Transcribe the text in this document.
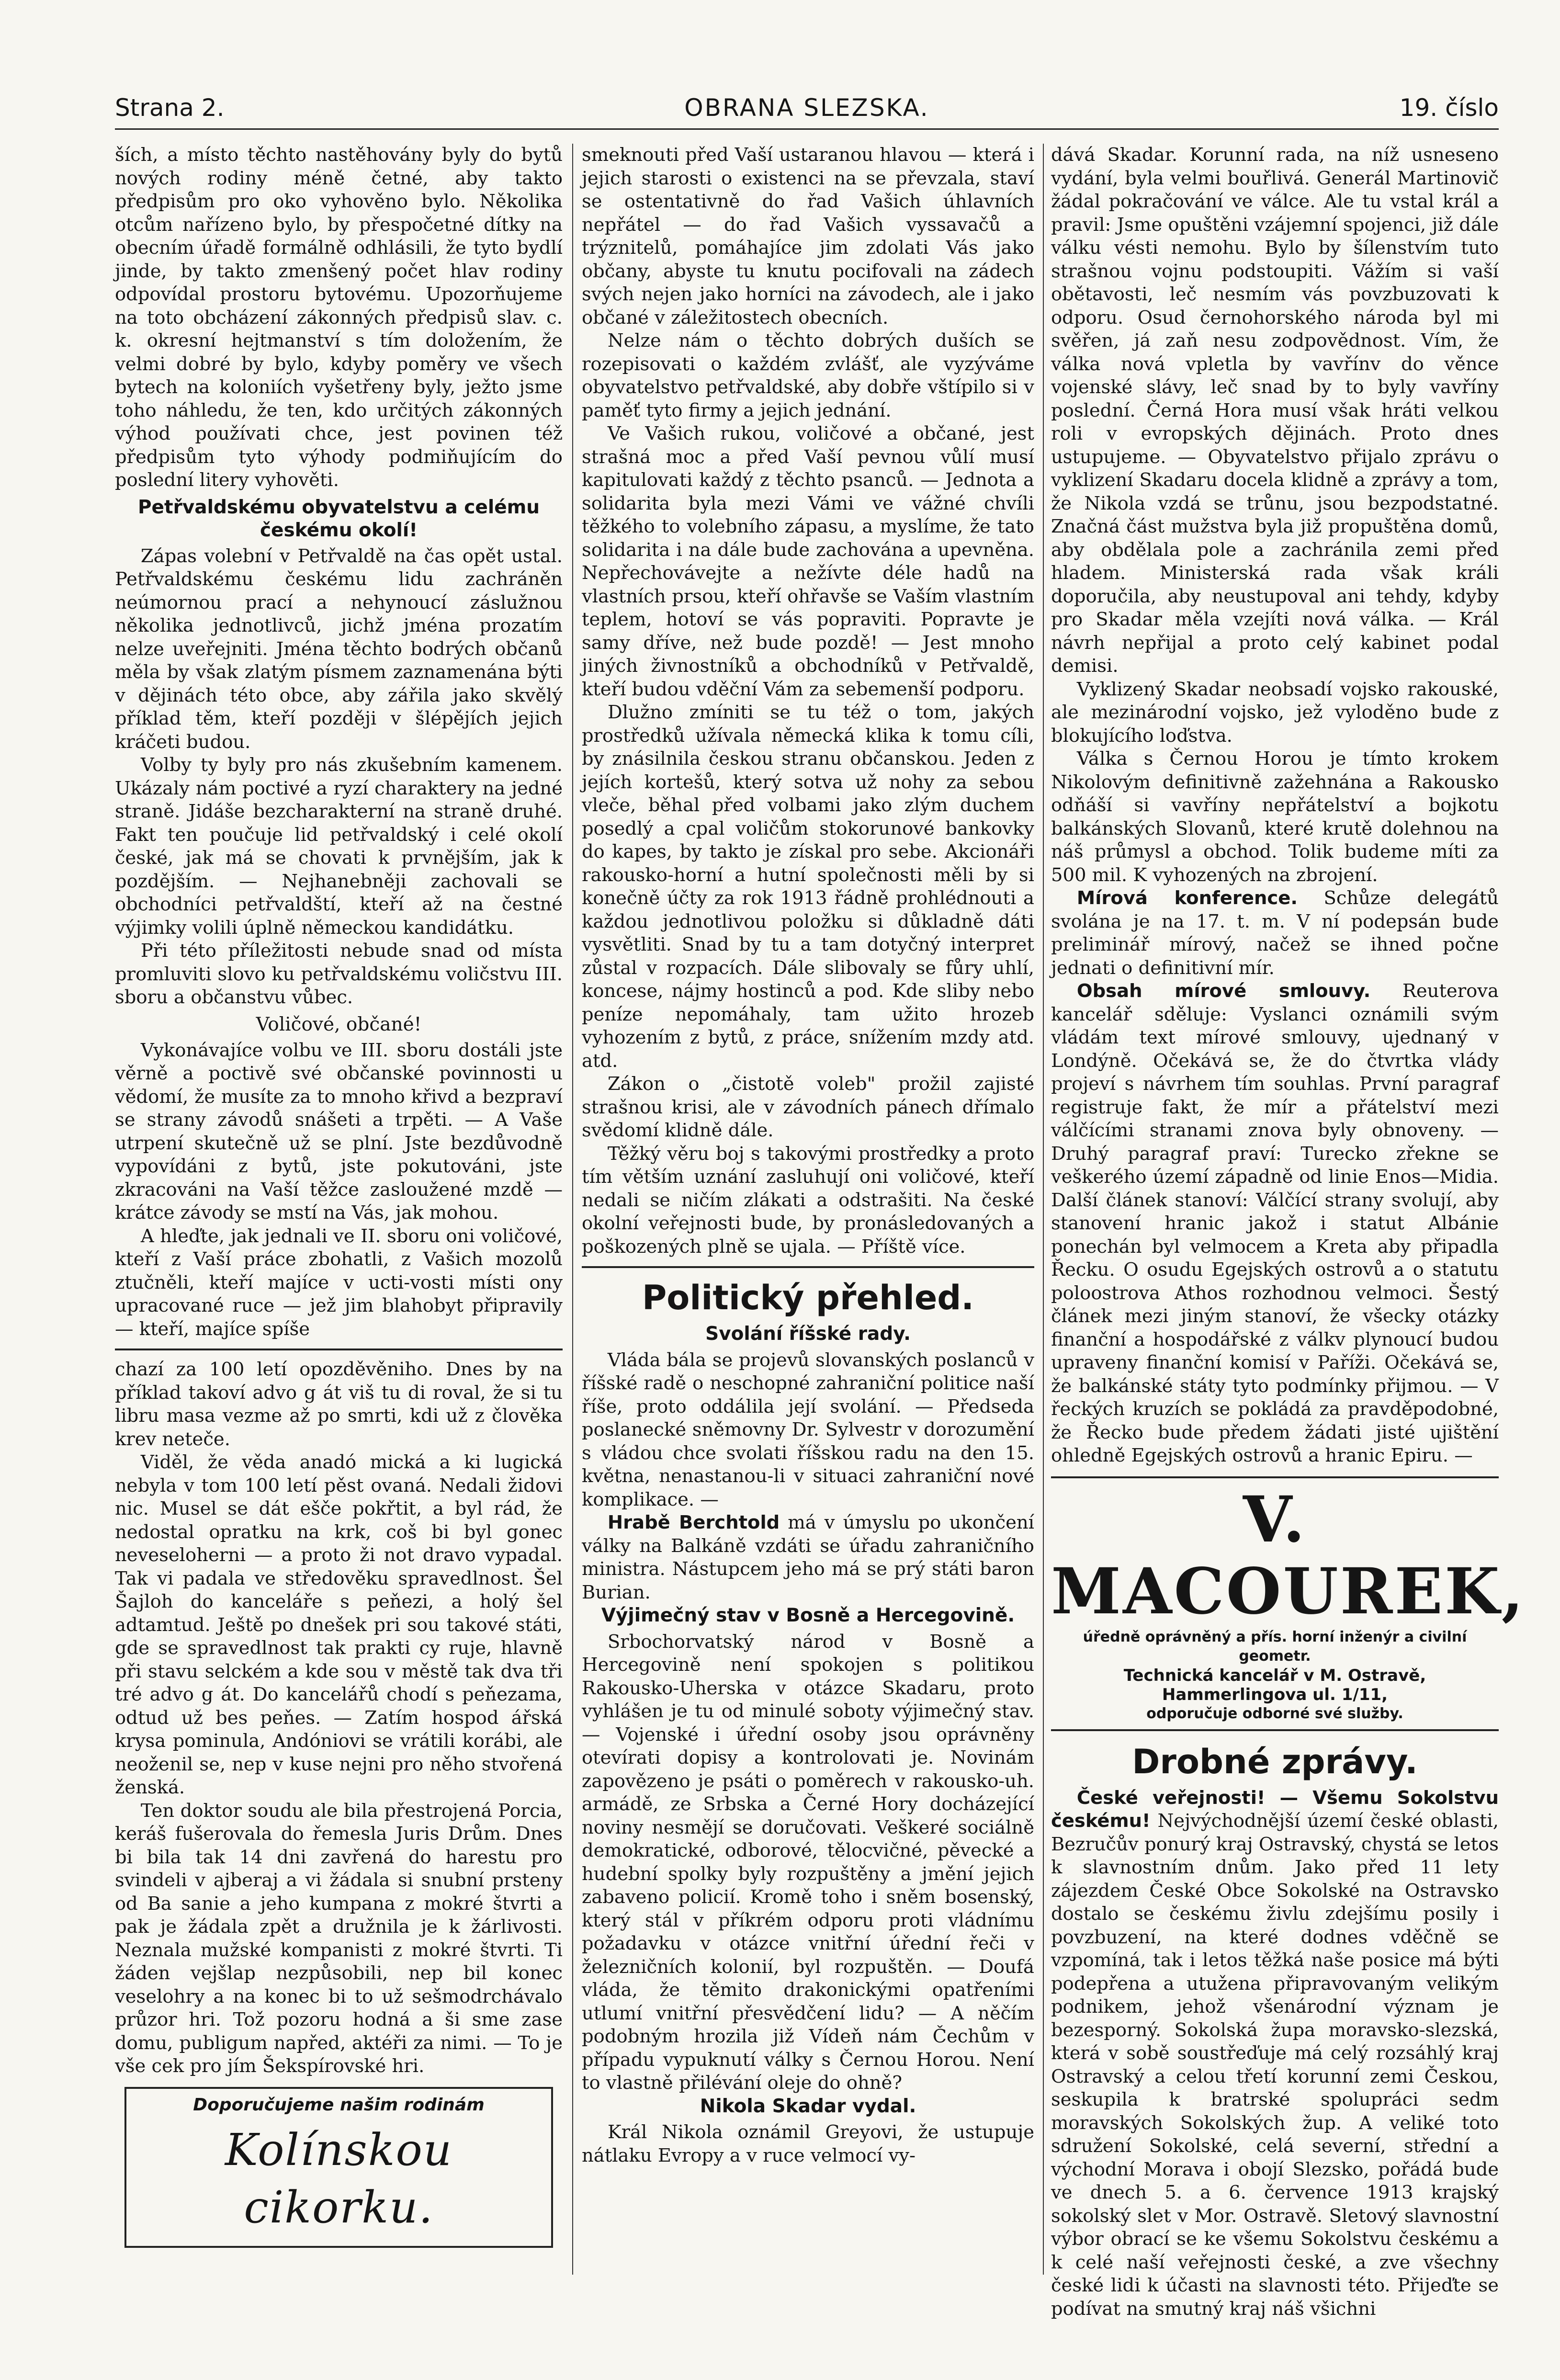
OBRANA SLEZSKA.
Strana 2.	19. číslo

ších, a místo těchto nastěhovány byly do bytů nových rodiny méně četné, aby takto předpisům pro oko vyhověno bylo. Několika otcům nařízeno bylo, by přespočetné dítky na obecním úřadě formálně odhlásili, že tyto bydlí jinde, by takto zmenšený počet hlav rodiny odpovídal prostoru bytovému. Upozorňujeme na toto obcházení zákonných předpisů slav. c. k. okresní hejtmanství s tím doložením, že velmi dobré by bylo, kdyby poměry ve všech bytech na koloniích vyšetřeny byly, ježto jsme toho náhledu, že ten, kdo určitých zákonných výhod používati chce, jest povinen též předpisům tyto výhody podmiňujícím do poslední litery vyhověti.

Petřvaldskému obyvatelstvu a celému českému okolí!

Zápas volební v Petřvaldě na čas opět ustal. Petřvaldskému českému lidu zachráněn neúmornou prací a nehynoucí záslužnou několika jednotlivců, jichž jména prozatím nelze uveřejniti. Jména těchto bodrých občanů měla by však zlatým písmem zaznamenána býti v dějinách této obce, aby zářila jako skvělý příklad těm, kteří později v šlépějích jejich kráčeti budou.

Volby ty byly pro nás zkušebním kamenem. Ukázaly nám poctivé a ryzí charaktery na jedné straně. Jidáše bezcharakterní na straně druhé. Fakt ten poučuje lid petřvaldský i celé okolí české, jak má se chovati k prvnějším, jak k pozdějším. — Nejhanebněji zachovali se obchodníci petřvaldští, kteří až na čestné výjimky volili úplně německou kandidátku.

Při této příležitosti nebude snad od místa promluviti slovo ku petřvaldskému voličstvu III. sboru a občanstvu vůbec.

Voličové, občané!

Vykonávajíce volbu ve III. sboru dostáli jste věrně a poctivě své občanské povinnosti u vědomí, že musíte za to mnoho křivd a bezpraví se strany závodů snášeti a trpěti. — A Vaše utrpení skutečně už se plní. Jste bezdůvodně vypovídáni z bytů, jste pokutováni, jste zkracováni na Vaší těžce zasloužené mzdě — krátce závody se mstí na Vás, jak mohou.

A hleďte, jak jednali ve II. sboru oni voličové, kteří z Vaší práce zbohatli, z Vašich mozolů ztučněli, kteří majíce v ucti-vosti místi ony upracované ruce — jež jim blahobyt připravily — kteří, majíce spíše

chazí za 100 letí opozděvěniho. Dnes by na příklad takoví advo g át viš tu di roval, že si tu libru masa vezme až po smrti, kdi už z člověka krev neteče.

Viděl, že věda anadó mická a ki lugická nebyla v tom 100 letí pěst ovaná. Nedali židovi nic. Musel se dát ešče pokřtit, a byl rád, že nedostal opratku na krk, coš bi byl gonec neveseloherni — a proto ži not dravo vypadal. Tak vi padala ve středověku spravedlnost. Šel Šajloh do kanceláře s peňezi, a holý šel adtamtud. Ještě po dnešek pri sou takové státi, gde se spravedlnost tak prakti cy ruje, hlavně při stavu selckém a kde sou v městě tak dva tři tré advo g át. Do kancelářů chodí s peňezama, odtud už bes peňes. — Zatím hospod ářská krysa pominula, Andóniovi se vrátili korábi, ale neoženil se, nep v kuse nejni pro něho stvořená ženská.

Ten doktor soudu ale bila přestrojená Porcia, keráš fušerovala do řemesla Juris Drům. Dnes bi bila tak 14 dni zavřená do harestu pro svindeli v ajberaj a vi žádala si snubní prsteny od Ba sanie a jeho kumpana z mokré štvrti a pak je žádala zpět a družnila je k žárlivosti. Neznala mužské kompanisti z mokré štvrti. Ti žáden vejšlap nezpůsobili, nep bil konec veselohry a na konec bi to už sešmodrchávalo průzor hri. Tož pozoru hodná a ši sme zase domu, publigum napřed, aktéři za nimi. — To je vše cek pro jím Šekspírovské hri.

Doporučujeme našim rodinám
Kolínskou cikorku.

smeknouti před Vaší ustaranou hlavou — která i jejich starosti o existenci na se převzala, staví se ostentativně do řad Vašich úhlavních nepřátel — do řad Vašich vyssavačů a trýznitelů, pomáhajíce jim zdolati Vás jako občany, abyste tu knutu pocifovali na zádech svých nejen jako horníci na závodech, ale i jako občané v záležitostech obecních.

Nelze nám o těchto dobrých duších se rozepisovati o každém zvlášť, ale vyzýváme obyvatelstvo petřvaldské, aby dobře vštípilo si v paměť tyto firmy a jejich jednání.

Ve Vašich rukou, voličové a občané, jest strašná moc a před Vaší pevnou vůlí musí kapitulovati každý z těchto psanců. — Jednota a solidarita byla mezi Vámi ve vážné chvíli těžkého to volebního zápasu, a myslíme, že tato solidarita i na dále bude zachována a upevněna. Nepřechovávejte a nežívte déle hadů na vlastních prsou, kteří ohřavše se Vaším vlastním teplem, hotoví se vás popraviti. Popravte je samy dříve, než bude pozdě! — Jest mnoho jiných živnostníků a obchodníků v Petřvaldě, kteří budou vděční Vám za sebemenší podporu.

Dlužno zmíniti se tu též o tom, jakých prostředků užívala německá klika k tomu cíli, by znásilnila českou stranu občanskou. Jeden z jejích kortešů, který sotva už nohy za sebou vleče, běhal před volbami jako zlým duchem posedlý a cpal voličům stokorunové bankovky do kapes, by takto je získal pro sebe. Akcionáři rakousko-horní a hutní společnosti měli by si konečně účty za rok 1913 řádně prohlédnouti a každou jednotlivou položku si důkladně dáti vysvětliti. Snad by tu a tam dotyčný interpret zůstal v rozpacích. Dále slibovaly se fůry uhlí, koncese, nájmy hostinců a pod. Kde sliby nebo peníze nepomáhaly, tam užito hrozeb vyhozením z bytů, z práce, snížením mzdy atd. atd.

Zákon o „čistotě voleb" prožil zajisté strašnou krisi, ale v závodních pánech dřímalo svědomí klidně dále.

Těžký věru boj s takovými prostředky a proto tím větším uznání zasluhují oni voličové, kteří nedali se ničím zlákati a odstrašiti. Na české okolní veřejnosti bude, by pronásledovaných a poškozených plně se ujala. — Příště více.

Politický přehled.
Svolání říšské rady.

Vláda bála se projevů slovanských poslanců v říšské radě o neschopné zahraniční politice naší říše, proto oddálila její svolání. — Předseda poslanecké sněmovny Dr. Sylvestr v dorozumění s vládou chce svolati říšskou radu na den 15. května, nenastanou-li v situaci zahraniční nové komplikace. —

Hrabě Berchtold má v úmyslu po ukončení války na Balkáně vzdáti se úřadu zahraničního ministra. Nástupcem jeho má se prý státi baron Burian.

Výjimečný stav v Bosně a Hercegovině.

Srbochorvatský národ v Bosně a Hercegovině není spokojen s politikou Rakousko-Uherska v otázce Skadaru, proto vyhlášen je tu od minulé soboty výjimečný stav. — Vojenské i úřední osoby jsou oprávněny otevírati dopisy a kontrolovati je. Novinám zapovězeno je psáti o poměrech v rakousko-uh. armádě, ze Srbska a Černé Hory docházející noviny nesmějí se doručovati. Veškeré sociálně demokratické, odborové, tělocvičné, pěvecké a hudební spolky byly rozpuštěny a jmění jejich zabaveno policií. Kromě toho i sněm bosenský, který stál v příkrém odporu proti vládnímu požadavku v otázce vnitřní úřední řeči v železničních kolonií, byl rozpuštěn. — Doufá vláda, že těmito drakonickými opatřeními utlumí vnitřní přesvědčení lidu? — A něčím podobným hrozila již Vídeň nám Čechům v případu vypuknutí války s Černou Horou. Není to vlastně přilévání oleje do ohně?

Nikola Skadar vydal.

Král Nikola oznámil Greyovi, že ustupuje nátlaku Evropy a v ruce velmocí vy-

dává Skadar. Korunní rada, na níž usneseno vydání, byla velmi bouřlivá. Generál Martinovič žádal pokračování ve válce. Ale tu vstal král a pravil: Jsme opuštěni vzájemní spojenci, již dále válku vésti nemohu. Bylo by šílenstvím tuto strašnou vojnu podstoupiti. Vážím si vaší obětavosti, leč nesmím vás povzbuzovati k odporu. Osud černohorského národa byl mi svěřen, já zaň nesu zodpovědnost. Vím, že válka nová vpletla by vavřínv do věnce vojenské slávy, leč snad by to byly vavříny poslední. Černá Hora musí však hráti velkou roli v evropských dějinách. Proto dnes ustupujeme. — Obyvatelstvo přijalo zprávu o vyklizení Skadaru docela klidně a zprávy a tom, že Nikola vzdá se trůnu, jsou bezpodstatné. Značná část mužstva byla již propuštěna domů, aby obdělala pole a zachránila zemi před hladem. Ministerská rada však králi doporučila, aby neustupoval ani tehdy, kdyby pro Skadar měla vzejíti nová válka. — Král návrh nepřijal a proto celý kabinet podal demisi.

Vyklizený Skadar neobsadí vojsko rakouské, ale mezinárodní vojsko, jež vyloděno bude z blokujícího loďstva.

Válka s Černou Horou je tímto krokem Nikolovým definitivně zažehnána a Rakousko odňáší si vavříny nepřátelství a bojkotu balkánských Slovanů, které krutě dolehnou na náš průmysl a obchod. Tolik budeme míti za 500 mil. K vyhozených na zbrojení.

Mírová konference. Schůze delegátů svolána je na 17. t. m. V ní podepsán bude preliminář mírový, načež se ihned počne jednati o definitivní mír.

Obsah mírové smlouvy. Reuterova kancelář sděluje: Vyslanci oznámili svým vládám text mírové smlouvy, ujednaný v Londýně. Očekává se, že do čtvrtka vlády projeví s návrhem tím souhlas. První paragraf registruje fakt, že mír a přátelství mezi válčícími stranami znova byly obnoveny. — Druhý paragraf praví: Turecko zřekne se veškerého území západně od linie Enos—Midia. Další článek stanoví: Válčící strany svolují, aby stanovení hranic jakož i statut Albánie ponechán byl velmocem a Kreta aby připadla Řecku. O osudu Egejských ostrovů a o statutu poloostrova Athos rozhodnou velmoci. Šestý článek mezi jiným stanoví, že všecky otázky finanční a hospodářské z válkv plynoucí budou upraveny finanční komisí v Paříži. Očekává se, že balkánské státy tyto podmínky přijmou. — V řeckých kruzích se pokládá za pravděpodobné, že Řecko bude předem žádati jisté ujištění ohledně Egejských ostrovů a hranic Epiru. —

V. MACOUREK,
úředně oprávněný a přís. horní inženýr a civilní geometr.
Technická kancelář v M. Ostravě, Hammerlingova ul. 1/11,
odporučuje odborné své služby.
Drobné zprávy.

České veřejnosti! — Všemu Sokolstvu českému! Nejvýchodnější území české oblasti, Bezručův ponurý kraj Ostravský, chystá se letos k slavnostním dnům. Jako před 11 lety zájezdem České Obce Sokolské na Ostravsko dostalo se českému živlu zdejšímu posily i povzbuzení, na které dodnes vděčně se vzpomíná, tak i letos těžká naše posice má býti podepřena a utužena připravovaným velikým podnikem, jehož všenárodní význam je bezesporný. Sokolská župa moravsko-slezská, která v sobě soustřeďuje má celý rozsáhlý kraj Ostravský a celou třetí korunní zemi Českou, seskupila k bratrské spolupráci sedm moravských Sokolských žup. A veliké toto sdružení Sokolské, celá severní, střední a východní Morava i obojí Slezsko, pořádá bude ve dnech 5. a 6. července 1913 krajský sokolský slet v Mor. Ostravě. Sletový slavnostní výbor obrací se ke všemu Sokolstvu českému a k celé naší veřejnosti české, a zve všechny české lidi k účasti na slavnosti této. Přijeďte se podívat na smutný kraj náš všichni
